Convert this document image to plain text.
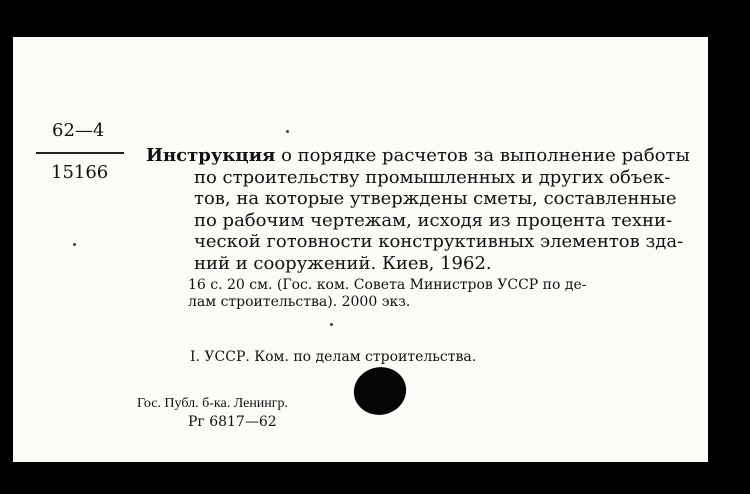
62—4
15166
Инструкция о порядке расчетов за выполнение работы
по строительству промышленных и других объек-
тов, на которые утверждены сметы, составленные
по рабочим чертежам, исходя из процента техни-
ческой готовности конструктивных элементов зда-
ний и сооружений. Киев, 1962.
16 с. 20 см. (Гос. ком. Совета Министров УССР по де-
лам строительства). 2000 экз.
I. УССР. Ком. по делам строительства.
Гос. Публ. б-ка. Ленингр.
Рг 6817—62
